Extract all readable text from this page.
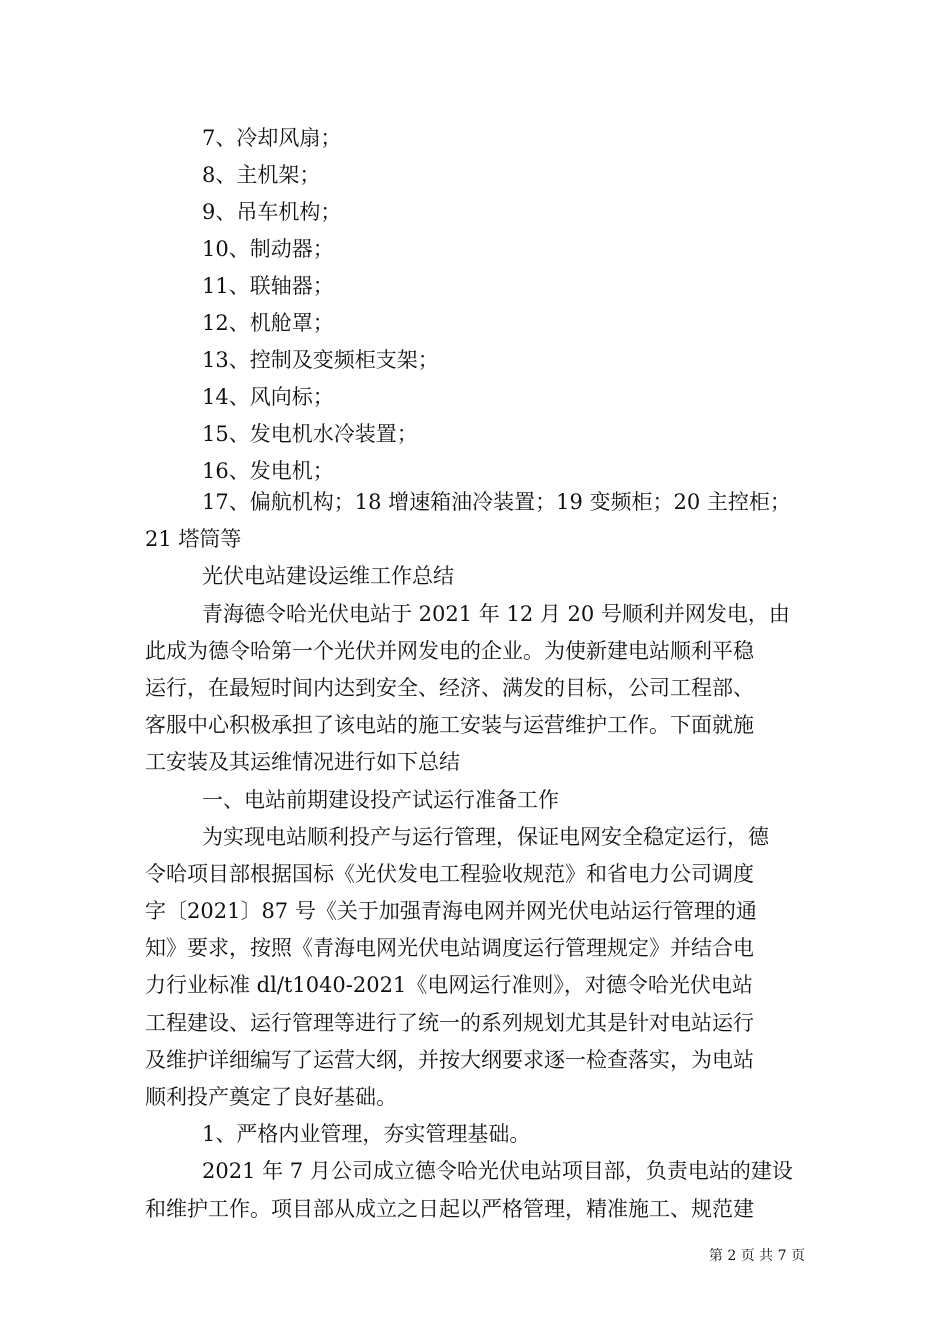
7、冷却风扇；
8、主机架；
9、吊车机构；
10、制动器；
11、联轴器；
12、机舱罩；
13、控制及变频柜支架；
14、风向标；
15、发电机水冷装置；
16、发电机；
17、偏航机构；18 增速箱油冷装置；19 变频柜；20 主控柜；
21 塔筒等
光伏电站建设运维工作总结
青海德令哈光伏电站于 2021 年 12 月 20 号顺利并网发电，由
此成为德令哈第一个光伏并网发电的企业。为使新建电站顺利平稳
运行，在最短时间内达到安全、经济、满发的目标，公司工程部、
客服中心积极承担了该电站的施工安装与运营维护工作。下面就施
工安装及其运维情况进行如下总结
一、电站前期建设投产试运行准备工作
为实现电站顺利投产与运行管理，保证电网安全稳定运行，德
令哈项目部根据国标《光伏发电工程验收规范》和省电力公司调度
字〔2021〕87 号《关于加强青海电网并网光伏电站运行管理的通
知》要求，按照《青海电网光伏电站调度运行管理规定》并结合电
力行业标准 dl/t1040-2021《电网运行准则》，对德令哈光伏电站
工程建设、运行管理等进行了统一的系列规划尤其是针对电站运行
及维护详细编写了运营大纲，并按大纲要求逐一检查落实，为电站
顺利投产奠定了良好基础。
1、严格内业管理，夯实管理基础。
2021 年 7 月公司成立德令哈光伏电站项目部，负责电站的建设
和维护工作。项目部从成立之日起以严格管理，精准施工、规范建
第 2 页 共 7 页
